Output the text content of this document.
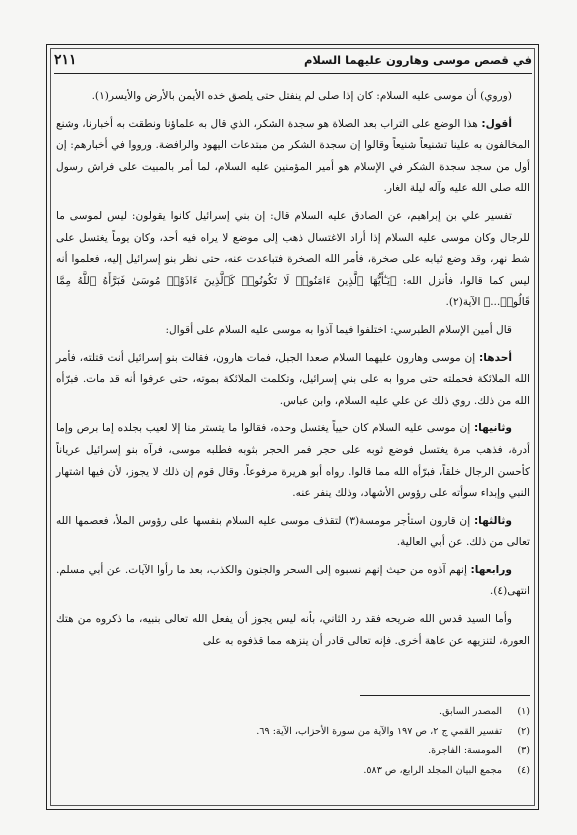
في قصص موسى وهارون عليهما السلام
٢١١

(وروي) أن موسى عليه السلام: كان إذا صلى لم ينفتل حتى يلصق خده الأيمن بالأرض والأيسر(١).

أقول: هذا الوضع على التراب بعد الصلاة هو سجدة الشكر، الذي قال به علماؤنا ونطقت به أخبارنا، وشنع المخالفون به علينا تشنيعاً شنيعاً وقالوا إن سجدة الشكر من مبتدعات اليهود والرافضة. ورووا في أخبارهم: إن أول من سجد سجدة الشكر في الإسلام هو أمير المؤمنين عليه السلام، لما أمر بالمبيت على فراش رسول الله صلى الله عليه وآله ليلة الغار.

تفسير علي بن إبراهيم، عن الصادق عليه السلام قال: إن بني إسرائيل كانوا يقولون: ليس لموسى ما للرجال وكان موسى عليه السلام إذا أراد الاغتسال ذهب إلى موضع لا يراه فيه أحد، وكان يوماً يغتسل على شط نهر، وقد وضع ثيابه على صخرة، فأمر الله الصخرة فتباعدت عنه، حتى نظر بنو إسرائيل إليه، فعلموا أنه ليس كما قالوا، فأنزل الله: ﴿يَـٰٓأَيُّهَا ٱلَّذِينَ ءَامَنُوا۟ لَا تَكُونُوا۟ كَٱلَّذِينَ ءَاذَوْا۟ مُوسَىٰ فَبَرَّأَهُ ٱللَّهُ مِمَّا قَالُوا۟...﴾ الآية(٢).

قال أمين الإسلام الطبرسي: اختلفوا فيما آذوا به موسى عليه السلام على أقوال:

أحدها: إن موسى وهارون عليهما السلام صعدا الجبل، فمات هارون، فقالت بنو إسرائيل أنت قتلته، فأمر الله الملائكة فحملته حتى مروا به على بني إسرائيل، وتكلمت الملائكة بموته، حتى عرفوا أنه قد مات. فبرّأه الله من ذلك. روي ذلك عن علي عليه السلام، وابن عباس.

وثانيها: إن موسى عليه السلام كان حيياً يغتسل وحده، فقالوا ما يتستر منا إلا لعيب بجلده إما برص وإما أدرة، فذهب مرة يغتسل فوضع ثوبه على حجر فمر الحجر بثوبه فطلبه موسى، فرآه بنو إسرائيل عرياناً كأحسن الرجال خلقاً، فبرّأه الله مما قالوا. رواه أبو هريرة مرفوعاً. وقال قوم إن ذلك لا يجوز، لأن فيها اشتهار النبي وإبداء سوأته على رؤوس الأشهاد، وذلك ينفر عنه.

وثالثها: إن قارون استأجر مومسة(٣) لتقذف موسى عليه السلام بنفسها على رؤوس الملأ، فعصمها الله تعالى من ذلك. عن أبي العالية.

ورابعها: إنهم آذوه من حيث إنهم نسبوه إلى السحر والجنون والكذب، بعد ما رأوا الآيات. عن أبي مسلم. انتهى(٤).

وأما السيد قدس الله ضريحه فقد رد الثاني، بأنه ليس يجوز أن يفعل الله تعالى بنبيه، ما ذكروه من هتك العورة، لتنزيهه عن عاهة أخرى. فإنه تعالى قادر أن ينزهه مما قذفوه به على

(١)
المصدر السابق.
(٢)
تفسير القمي ج ٢، ص ١٩٧ والآية من سورة الأحزاب، الآية: ٦٩.
(٣)
المومسة: الفاجرة.
(٤)
مجمع البيان المجلد الرابع، ص ٥٨٣.
